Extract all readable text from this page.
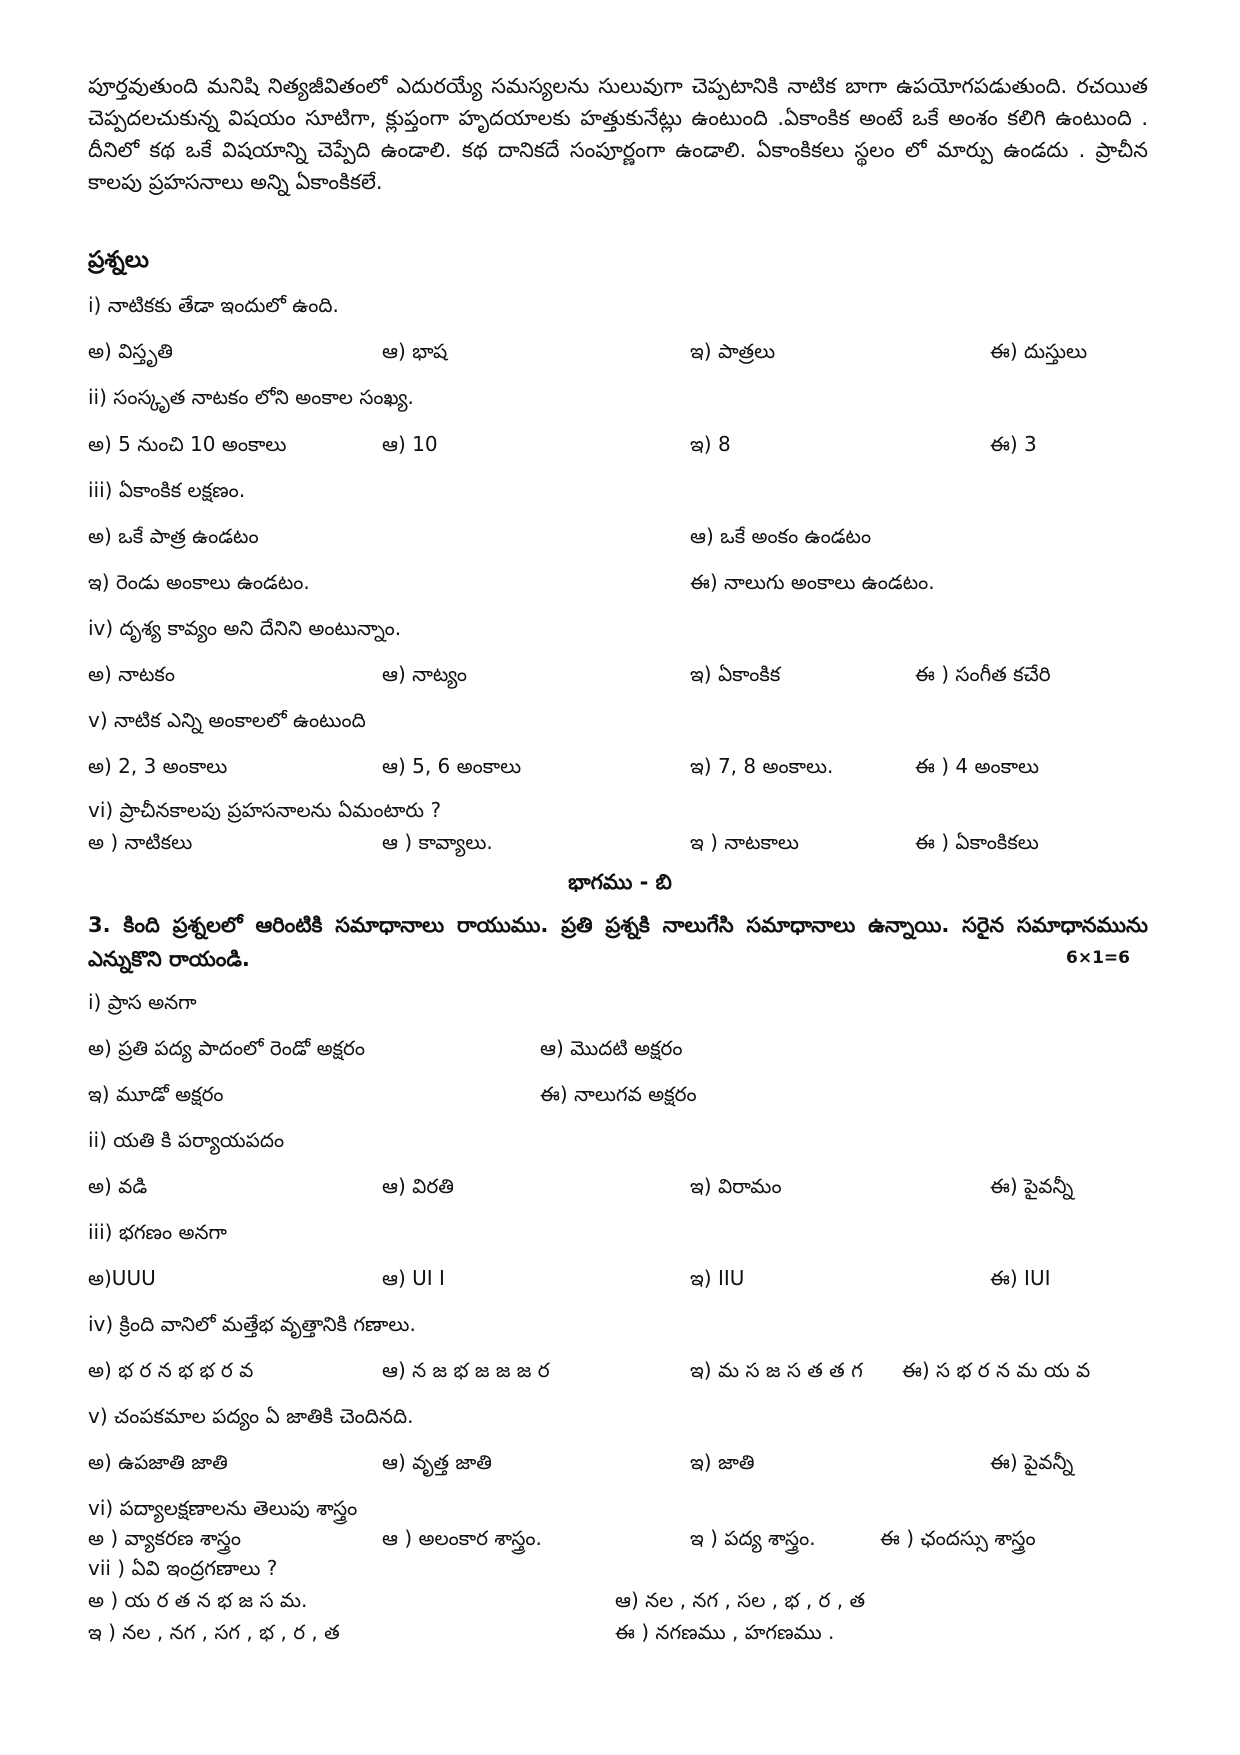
పూర్తవుతుంది మనిషి నిత్యజీవితంలో ఎదురయ్యే సమస్యలను సులువుగా చెప్పటానికి నాటిక బాగా ఉపయోగపడుతుంది. రచయిత చెప్పదలచుకున్న విషయం సూటిగా, క్లుప్తంగా హృదయాలకు హత్తుకునేట్లు ఉంటుంది .ఏకాంకిక అంటే ఒకే అంశం కలిగి ఉంటుంది . దీనిలో కథ ఒకే విషయాన్ని చెప్పేది ఉండాలి. కథ దానికదే సంపూర్ణంగా ఉండాలి. ఏకాంకికలు స్థలం లో మార్పు ఉండదు . ప్రాచీన కాలపు ప్రహసనాలు అన్ని ఏకాంకికలే.

ప్రశ్నలు
i) నాటికకు తేడా ఇందులో ఉంది.
అ) విస్తృతి	ఆ) భాష	ఇ) పాత్రలు	ఈ) దుస్తులు
ii) సంస్కృత నాటకం లోని అంకాల సంఖ్య.
అ) 5 నుంచి 10 అంకాలు	ఆ) 10	ఇ) 8	ఈ) 3
iii) ఏకాంకిక లక్షణం.
అ) ఒకే పాత్ర ఉండటం	ఆ) ఒకే అంకం ఉండటం
ఇ) రెండు అంకాలు ఉండటం.	ఈ) నాలుగు అంకాలు ఉండటం.
iv) దృశ్య కావ్యం అని దేనిని అంటున్నాం.
అ) నాటకం	ఆ) నాట్యం	ఇ) ఏకాంకిక	ఈ ) సంగీత కచేరి
v) నాటిక ఎన్ని అంకాలలో ఉంటుంది
అ) 2, 3 అంకాలు	ఆ) 5, 6 అంకాలు	ఇ) 7, 8 అంకాలు.	ఈ ) 4 అంకాలు
vi) ప్రాచీనకాలపు ప్రహసనాలను ఏమంటారు ?
అ ) నాటికలు	ఆ ) కావ్యాలు.	ఇ ) నాటకాలు	ఈ ) ఏకాంకికలు
భాగము - బి
3. కింది ప్రశ్నలలో ఆరింటికి సమాధానాలు రాయుము. ప్రతి ప్రశ్నకి నాలుగేసి సమాధానాలు ఉన్నాయి. సరైన సమాధానమును ఎన్నుకొని రాయండి.	6×1=6
i) ప్రాస అనగా
అ) ప్రతి పద్య పాదంలో రెండో అక్షరం	ఆ) మొదటి అక్షరం
ఇ) మూడో అక్షరం	ఈ) నాలుగవ అక్షరం
ii) యతి కి పర్యాయపదం
అ) వడి	ఆ) విరతి	ఇ) విరామం	ఈ) పైవన్నీ
iii) భగణం అనగా
అ)UUU	ఆ) UI I	ఇ) IIU	ఈ) IUI
iv) క్రింది వానిలో మత్తేభ వృత్తానికి గణాలు.
అ) భ ర న భ భ ర వ	ఆ) న జ భ జ జ జ ర	ఇ) మ స జ స త త గ ఈ) స భ ర న మ య వ
v) చంపకమాల పద్యం ఏ జాతికి చెందినది.
అ) ఉపజాతి జాతి	ఆ) వృత్త జాతి	ఇ) జాతి	ఈ) పైవన్నీ
vi) పద్యాలక్షణాలను తెలుపు శాస్త్రం
అ ) వ్యాకరణ శాస్త్రం	ఆ ) అలంకార శాస్త్రం.	ఇ ) పద్య శాస్త్రం.	ఈ ) ఛందస్సు శాస్త్రం
vii ) ఏవి ఇంద్రగణాలు ?
అ ) య ర త న భ జ స మ.	ఆ) నల , నగ , సల , భ , ర , త
ఇ ) నల , నగ , సగ , భ , ర , త	ఈ ) నగణము , హగణము .
